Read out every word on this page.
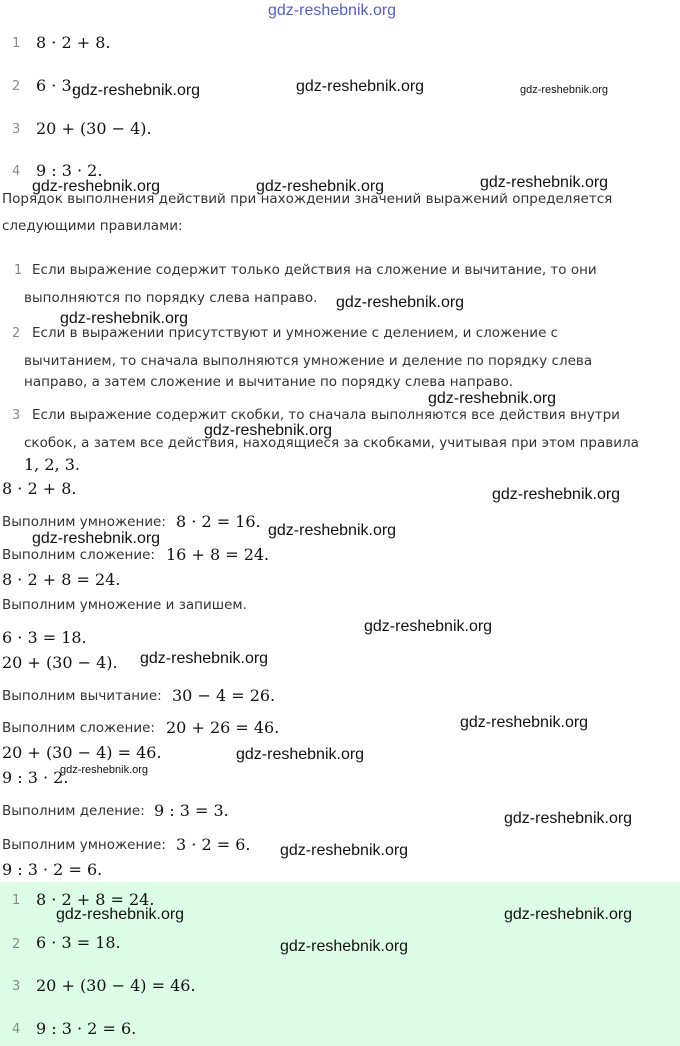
gdz-reshebnik.org
1 8 · 2 + 8.
2 6 · 3.
3 20 + (30 − 4).
4 9 : 3 · 2.
Порядок выполнения действий при нахождении значений выражений определяется
следующими правилами:
1 Если выражение содержит только действия на сложение и вычитание, то они
выполняются по порядку слева направо.
2 Если в выражении присутствуют и умножение с делением, и сложение с
вычитанием, то сначала выполняются умножение и деление по порядку слева
направо, а затем сложение и вычитание по порядку слева направо.
3 Если выражение содержит скобки, то сначала выполняются все действия внутри
скобок, а затем все действия, находящиеся за скобками, учитывая при этом правила
1, 2, 3.
8 · 2 + 8.
Выполним умножение: 8 · 2 = 16.
Выполним сложение: 16 + 8 = 24.
8 · 2 + 8 = 24.
Выполним умножение и запишем.
6 · 3 = 18.
20 + (30 − 4).
Выполним вычитание: 30 − 4 = 26.
Выполним сложение: 20 + 26 = 46.
20 + (30 − 4) = 46.
9 : 3 · 2.
Выполним деление: 9 : 3 = 3.
Выполним умножение: 3 · 2 = 6.
9 : 3 · 2 = 6.
1 8 · 2 + 8 = 24.
2 6 · 3 = 18.
3 20 + (30 − 4) = 46.
4 9 : 3 · 2 = 6.
gdz-reshebnik.org	gdz-reshebnik.org	gdz-reshebnik.org
gdz-reshebnik.org	gdz-reshebnik.org	gdz-reshebnik.org
gdz-reshebnik.org
gdz-reshebnik.org
gdz-reshebnik.org
gdz-reshebnik.org
gdz-reshebnik.org
gdz-reshebnik.org
gdz-reshebnik.org
gdz-reshebnik.org
gdz-reshebnik.org
gdz-reshebnik.org
gdz-reshebnik.org
gdz-reshebnik.org
gdz-reshebnik.org
gdz-reshebnik.org
gdz-reshebnik.org	gdz-reshebnik.org
gdz-reshebnik.org
